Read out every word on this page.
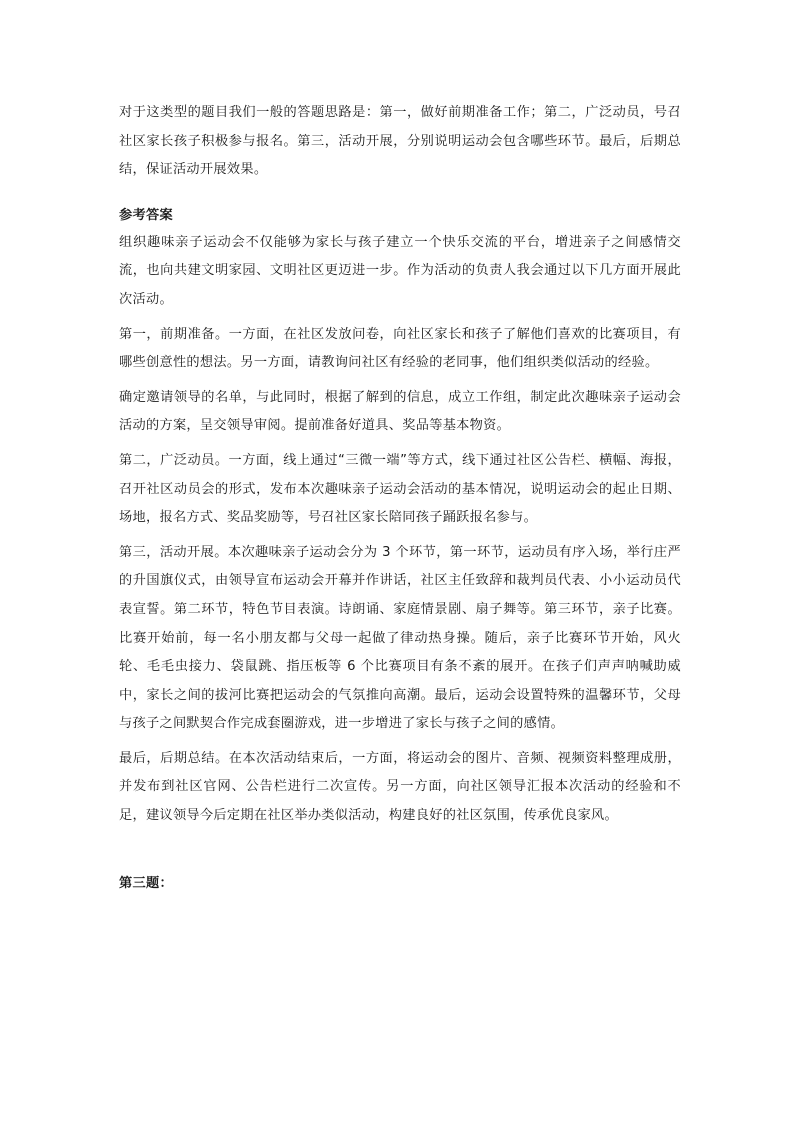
对于这类型的题目我们一般的答题思路是：第一，做好前期准备工作；第二，广泛动员，号召社区家长孩子积极参与报名。第三，活动开展，分别说明运动会包含哪些环节。最后，后期总结，保证活动开展效果。

参考答案

组织趣味亲子运动会不仅能够为家长与孩子建立一个快乐交流的平台，增进亲子之间感情交流，也向共建文明家园、文明社区更迈进一步。作为活动的负责人我会通过以下几方面开展此次活动。

第一，前期准备。一方面，在社区发放问卷，向社区家长和孩子了解他们喜欢的比赛项目，有哪些创意性的想法。另一方面，请教询问社区有经验的老同事，他们组织类似活动的经验。

确定邀请领导的名单，与此同时，根据了解到的信息，成立工作组，制定此次趣味亲子运动会活动的方案，呈交领导审阅。提前准备好道具、奖品等基本物资。

第二，广泛动员。一方面，线上通过“三微一端”等方式，线下通过社区公告栏、横幅、海报，召开社区动员会的形式，发布本次趣味亲子运动会活动的基本情况，说明运动会的起止日期、场地，报名方式、奖品奖励等，号召社区家长陪同孩子踊跃报名参与。

第三，活动开展。本次趣味亲子运动会分为 3 个环节，第一环节，运动员有序入场，举行庄严的升国旗仪式，由领导宣布运动会开幕并作讲话，社区主任致辞和裁判员代表、小小运动员代表宣誓。第二环节，特色节目表演。诗朗诵、家庭情景剧、扇子舞等。第三环节，亲子比赛。比赛开始前，每一名小朋友都与父母一起做了律动热身操。随后，亲子比赛环节开始，风火轮、毛毛虫接力、袋鼠跳、指压板等 6 个比赛项目有条不紊的展开。在孩子们声声呐喊助威中，家长之间的拔河比赛把运动会的气氛推向高潮。最后，运动会设置特殊的温馨环节，父母与孩子之间默契合作完成套圈游戏，进一步增进了家长与孩子之间的感情。

最后，后期总结。在本次活动结束后，一方面，将运动会的图片、音频、视频资料整理成册，并发布到社区官网、公告栏进行二次宣传。另一方面，向社区领导汇报本次活动的经验和不足，建议领导今后定期在社区举办类似活动，构建良好的社区氛围，传承优良家风。

第三题：
